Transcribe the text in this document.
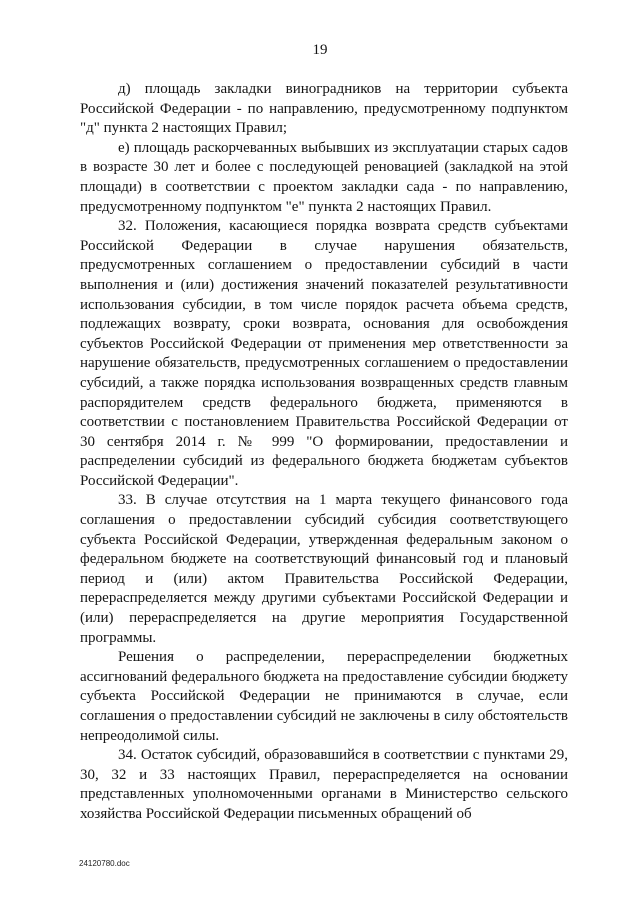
19

д) площадь закладки виноградников на территории субъекта Российской Федерации - по направлению, предусмотренному подпунктом "д" пункта 2 настоящих Правил;

е) площадь раскорчеванных выбывших из эксплуатации старых садов в возрасте 30 лет и более с последующей реновацией (закладкой на этой площади) в соответствии с проектом закладки сада - по направлению, предусмотренному подпунктом "е" пункта 2 настоящих Правил.

32. Положения, касающиеся порядка возврата средств субъектами Российской Федерации в случае нарушения обязательств, предусмотренных соглашением о предоставлении субсидий в части выполнения и (или) достижения значений показателей результативности использования субсидии, в том числе порядок расчета объема средств, подлежащих возврату, сроки возврата, основания для освобождения субъектов Российской Федерации от применения мер ответственности за нарушение обязательств, предусмотренных соглашением о предоставлении субсидий, а также порядка использования возвращенных средств главным распорядителем средств федерального бюджета, применяются в соответствии с постановлением Правительства Российской Федерации от 30 сентября 2014 г. № 999 "О формировании, предоставлении и распределении субсидий из федерального бюджета бюджетам субъектов Российской Федерации".

33. В случае отсутствия на 1 марта текущего финансового года соглашения о предоставлении субсидий субсидия соответствующего субъекта Российской Федерации, утвержденная федеральным законом о федеральном бюджете на соответствующий финансовый год и плановый период и (или) актом Правительства Российской Федерации, перераспределяется между другими субъектами Российской Федерации и (или) перераспределяется на другие мероприятия Государственной программы.

Решения о распределении, перераспределении бюджетных ассигнований федерального бюджета на предоставление субсидии бюджету субъекта Российской Федерации не принимаются в случае, если соглашения о предоставлении субсидий не заключены в силу обстоятельств непреодолимой силы.

34. Остаток субсидий, образовавшийся в соответствии с пунктами 29, 30, 32 и 33 настоящих Правил, перераспределяется на основании представленных уполномоченными органами в Министерство сельского хозяйства Российской Федерации письменных обращений об

24120780.doc
